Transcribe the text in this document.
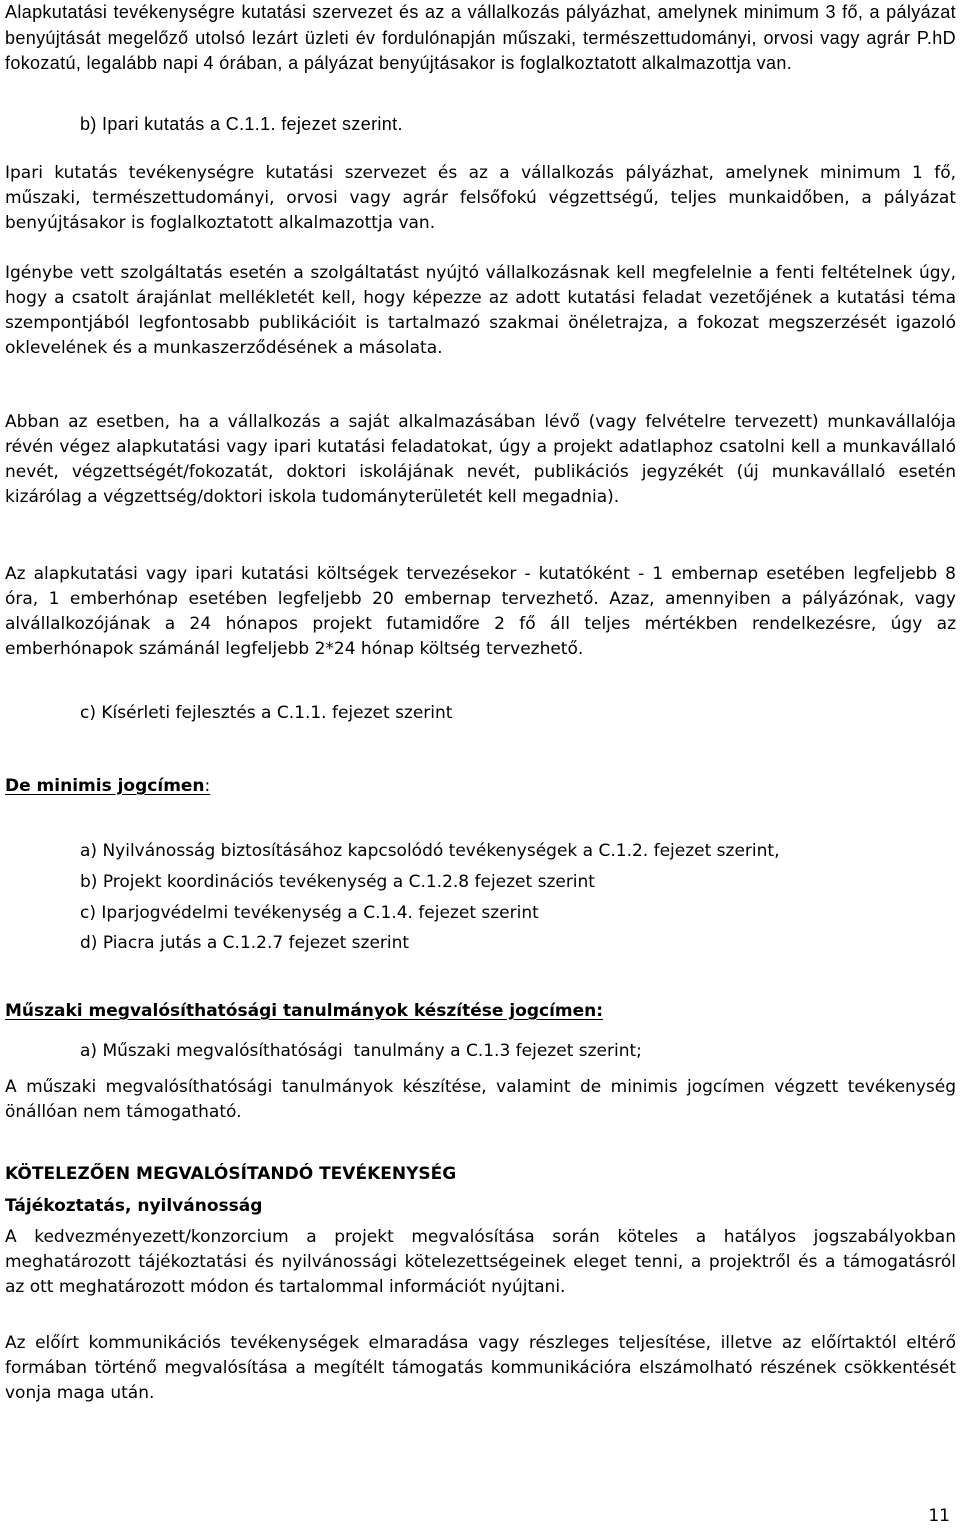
Alapkutatási tevékenységre kutatási szervezet és az a vállalkozás pályázhat, amelynek minimum 3 fő, a pályázat benyújtását megelőző utolsó lezárt üzleti év fordulónapján műszaki, természettudományi, orvosi vagy agrár P.hD fokozatú, legalább napi 4 órában, a pályázat benyújtásakor is foglalkoztatott alkalmazottja van.

b) Ipari kutatás a C.1.1. fejezet szerint.

Ipari kutatás tevékenységre kutatási szervezet és az a vállalkozás pályázhat, amelynek minimum 1 fő, műszaki, természettudományi, orvosi vagy agrár felsőfokú végzettségű, teljes munkaidőben, a pályázat benyújtásakor is foglalkoztatott alkalmazottja van.

Igénybe vett szolgáltatás esetén a szolgáltatást nyújtó vállalkozásnak kell megfelelnie a fenti feltételnek úgy, hogy a csatolt árajánlat mellékletét kell, hogy képezze az adott kutatási feladat vezetőjének a kutatási téma szempontjából legfontosabb publikációit is tartalmazó szakmai önéletrajza, a fokozat megszerzését igazoló oklevelének és a munkaszerződésének a másolata.

Abban az esetben, ha a vállalkozás a saját alkalmazásában lévő (vagy felvételre tervezett) munkavállalója révén végez alapkutatási vagy ipari kutatási feladatokat, úgy a projekt adatlaphoz csatolni kell a munkavállaló nevét, végzettségét/fokozatát, doktori iskolájának nevét, publikációs jegyzékét (új munkavállaló esetén kizárólag a végzettség/doktori iskola tudományterületét kell megadnia).

Az alapkutatási vagy ipari kutatási költségek tervezésekor - kutatóként - 1 embernap esetében legfeljebb 8 óra, 1 emberhónap esetében legfeljebb 20 embernap tervezhető. Azaz, amennyiben a pályázónak, vagy alvállalkozójának a 24 hónapos projekt futamidőre 2 fő áll teljes mértékben rendelkezésre, úgy az emberhónapok számánál legfeljebb 2*24 hónap költség tervezhető.

c) Kísérleti fejlesztés a C.1.1. fejezet szerint

De minimis jogcímen:

a) Nyilvánosság biztosításához kapcsolódó tevékenységek a C.1.2. fejezet szerint,

b) Projekt koordinációs tevékenység a C.1.2.8 fejezet szerint

c) Iparjogvédelmi tevékenység a C.1.4. fejezet szerint

d) Piacra jutás a C.1.2.7 fejezet szerint

Műszaki megvalósíthatósági tanulmányok készítése jogcímen:

a) Műszaki megvalósíthatósági  tanulmány a C.1.3 fejezet szerint;

A műszaki megvalósíthatósági tanulmányok készítése, valamint de minimis jogcímen végzett tevékenység önállóan nem támogatható.

KÖTELEZŐEN MEGVALÓSÍTANDÓ TEVÉKENYSÉG

Tájékoztatás, nyilvánosság

A kedvezményezett/konzorcium a projekt megvalósítása során köteles a hatályos jogszabályokban meghatározott tájékoztatási és nyilvánossági kötelezettségeinek eleget tenni, a projektről és a támogatásról az ott meghatározott módon és tartalommal információt nyújtani.

Az előírt kommunikációs tevékenységek elmaradása vagy részleges teljesítése, illetve az előírtaktól eltérő formában történő megvalósítása a megítélt támogatás kommunikációra elszámolható részének csökkentését vonja maga után.

11
